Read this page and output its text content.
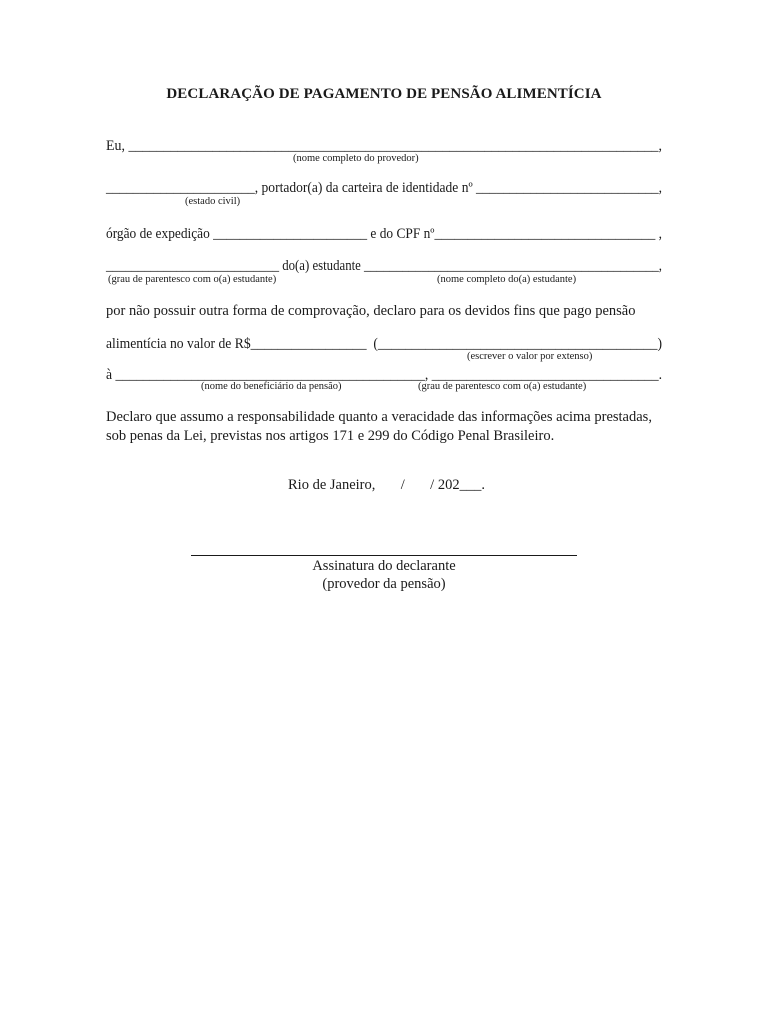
DECLARAÇÃO DE PAGAMENTO DE PENSÃO ALIMENTÍCIA
Eu, ____________________________________________________________________________,
(nome completo do provedor)
______________________, portador(a) da carteira de identidade nº ___________________________,
(estado civil)
órgão de expedição _______________________ e do CPF nº_________________________________ ,
___________________________ do(a) estudante ______________________________________________,
(grau de parentesco com o(a) estudante)	(nome completo do(a) estudante)
por não possuir outra forma de comprovação, declaro para os devidos fins que pago pensão
alimentícia no valor de R$_________________  (_________________________________________)
(escrever o valor por extenso)
à _____________________________________________, _________________________________.
(nome do beneficiário da pensão)	(grau de parentesco com o(a) estudante)
Declaro que assumo a responsabilidade quanto a veracidade das informações acima prestadas, sob penas da Lei, previstas nos artigos 171 e 299 do Código Penal Brasileiro.
Rio de Janeiro,       /       / 202___.
Assinatura do declarante
(provedor da pensão)
